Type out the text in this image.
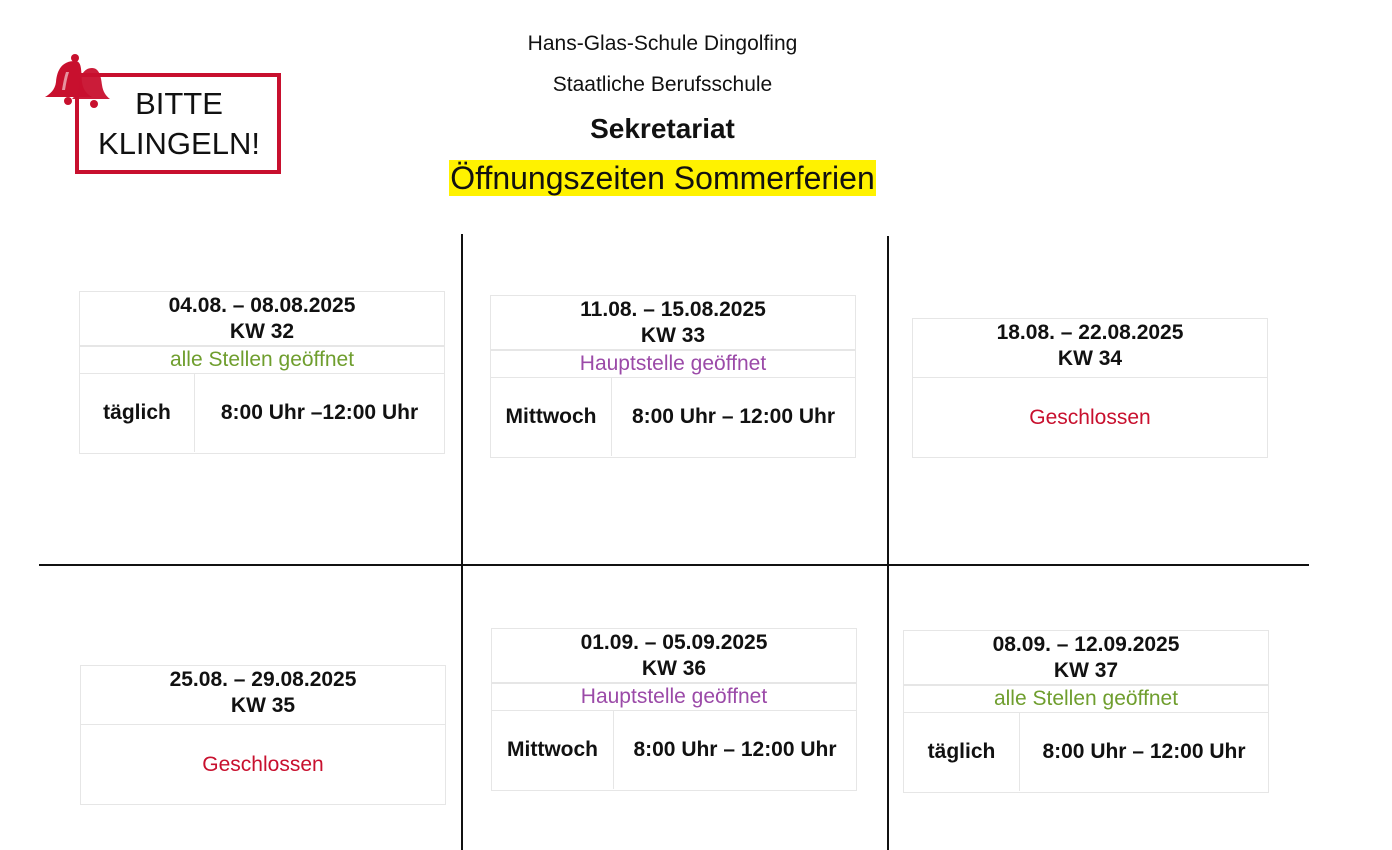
Hans-Glas-Schule Dingolfing
Staatliche Berufsschule
Sekretariat
Öffnungszeiten Sommerferien
BITTE
KLINGELN!
04.08. – 08.08.2025
KW 32
alle Stellen geöffnet
täglich	8:00 Uhr –12:00 Uhr
11.08. – 15.08.2025
KW 33
Hauptstelle geöffnet
Mittwoch	8:00 Uhr – 12:00 Uhr
18.08. – 22.08.2025
KW 34
Geschlossen
25.08. – 29.08.2025
KW 35
Geschlossen
01.09. – 05.09.2025
KW 36
Hauptstelle geöffnet
Mittwoch	8:00 Uhr – 12:00 Uhr
08.09. – 12.09.2025
KW 37
alle Stellen geöffnet
täglich	8:00 Uhr – 12:00 Uhr
